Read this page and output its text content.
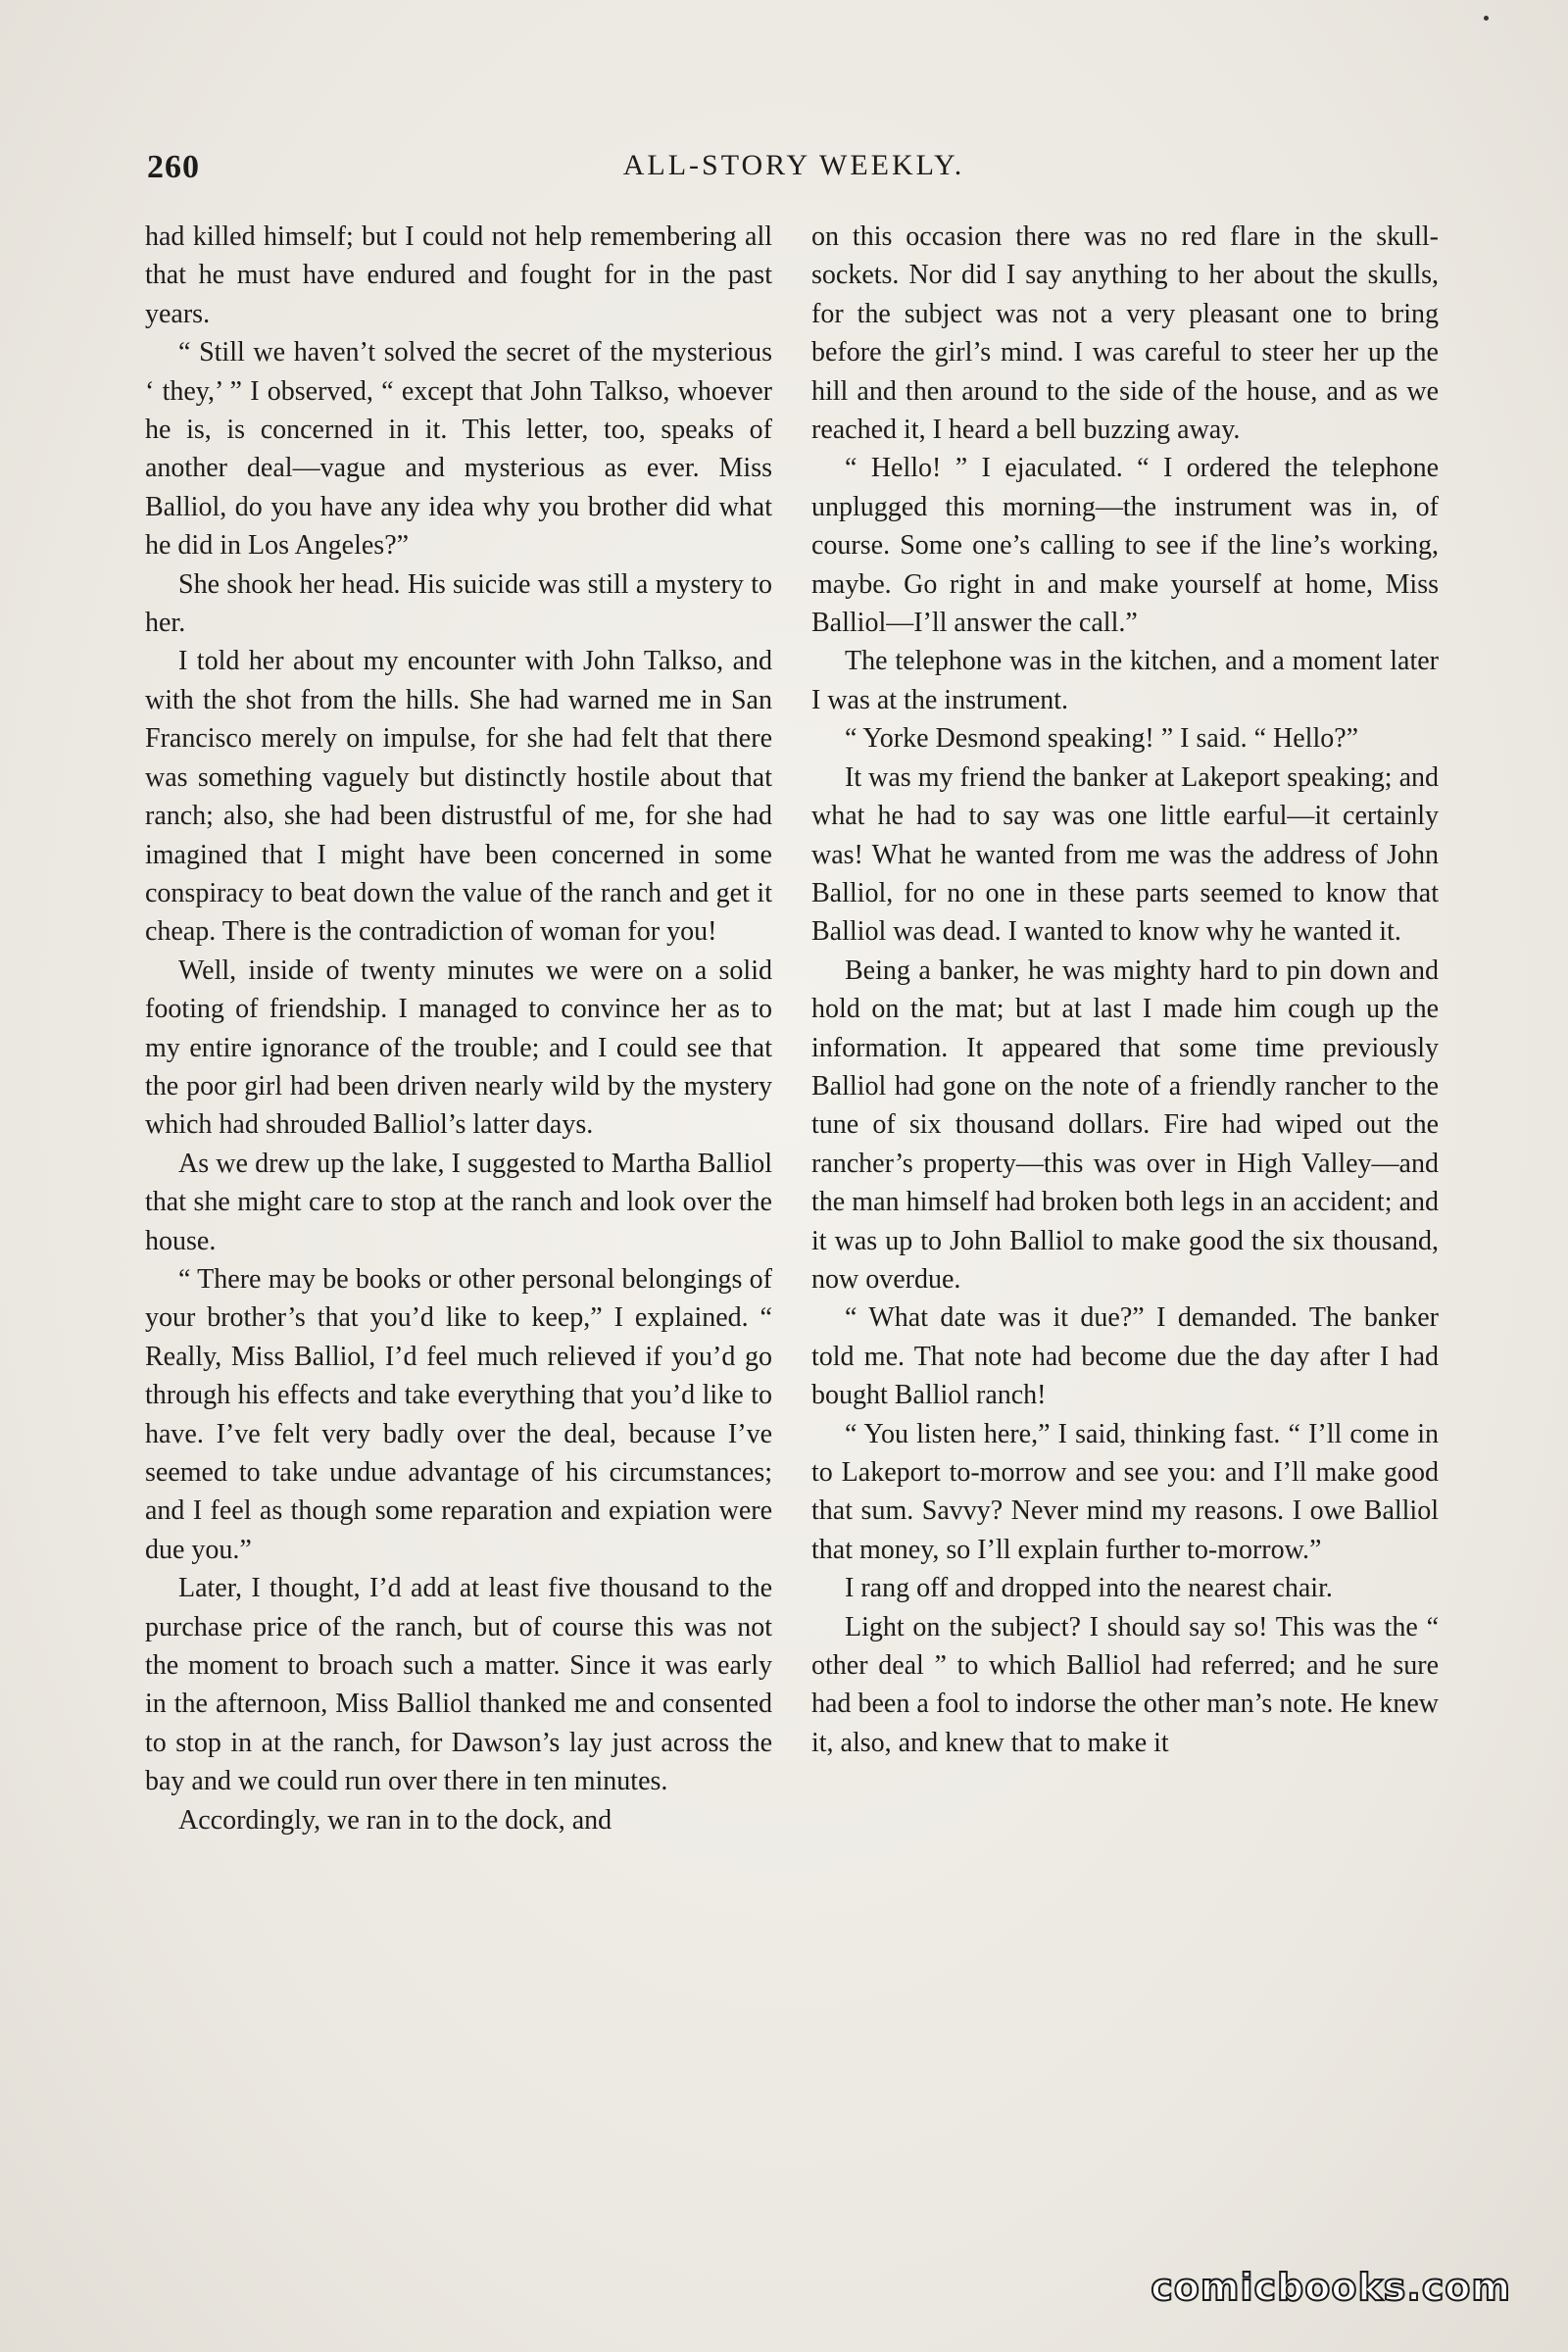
260	ALL-STORY WEEKLY.

had killed himself; but I could not help remembering all that he must have endured and fought for in the past years.

“ Still we haven’t solved the secret of the mysterious ‘ they,’ ” I observed, “ except that John Talkso, whoever he is, is concerned in it. This letter, too, speaks of another deal—vague and mysterious as ever. Miss Balliol, do you have any idea why you brother did what he did in Los Angeles?”

She shook her head. His suicide was still a mystery to her.

I told her about my encounter with John Talkso, and with the shot from the hills. She had warned me in San Francisco merely on impulse, for she had felt that there was something vaguely but distinctly hostile about that ranch; also, she had been distrustful of me, for she had imagined that I might have been concerned in some conspiracy to beat down the value of the ranch and get it cheap. There is the contradiction of woman for you!

Well, inside of twenty minutes we were on a solid footing of friendship. I managed to convince her as to my entire ignorance of the trouble; and I could see that the poor girl had been driven nearly wild by the mystery which had shrouded Balliol’s latter days.

As we drew up the lake, I suggested to Martha Balliol that she might care to stop at the ranch and look over the house.

“ There may be books or other personal belongings of your brother’s that you’d like to keep,” I explained. “ Really, Miss Balliol, I’d feel much relieved if you’d go through his effects and take everything that you’d like to have. I’ve felt very badly over the deal, because I’ve seemed to take undue advantage of his circumstances; and I feel as though some reparation and expiation were due you.”

Later, I thought, I’d add at least five thousand to the purchase price of the ranch, but of course this was not the moment to broach such a matter. Since it was early in the afternoon, Miss Balliol thanked me and consented to stop in at the ranch, for Dawson’s lay just across the bay and we could run over there in ten minutes.

Accordingly, we ran in to the dock, and

on this occasion there was no red flare in the skull-sockets. Nor did I say anything to her about the skulls, for the subject was not a very pleasant one to bring before the girl’s mind. I was careful to steer her up the hill and then around to the side of the house, and as we reached it, I heard a bell buzzing away.

“ Hello! ” I ejaculated. “ I ordered the telephone unplugged this morning—the instrument was in, of course. Some one’s calling to see if the line’s working, maybe. Go right in and make yourself at home, Miss Balliol—I’ll answer the call.”

The telephone was in the kitchen, and a moment later I was at the instrument.

“ Yorke Desmond speaking! ” I said. “ Hello?”

It was my friend the banker at Lakeport speaking; and what he had to say was one little earful—it certainly was! What he wanted from me was the address of John Balliol, for no one in these parts seemed to know that Balliol was dead. I wanted to know why he wanted it.

Being a banker, he was mighty hard to pin down and hold on the mat; but at last I made him cough up the information. It appeared that some time previously Balliol had gone on the note of a friendly rancher to the tune of six thousand dollars. Fire had wiped out the rancher’s property—this was over in High Valley—and the man himself had broken both legs in an accident; and it was up to John Balliol to make good the six thousand, now overdue.

“ What date was it due?” I demanded. The banker told me. That note had become due the day after I had bought Balliol ranch!

“ You listen here,” I said, thinking fast. “ I’ll come in to Lakeport to-morrow and see you: and I’ll make good that sum. Savvy? Never mind my reasons. I owe Balliol that money, so I’ll explain further to-morrow.”

I rang off and dropped into the nearest chair.

Light on the subject? I should say so! This was the “ other deal ” to which Balliol had referred; and he sure had been a fool to indorse the other man’s note. He knew it, also, and knew that to make it

comicbooks.com
